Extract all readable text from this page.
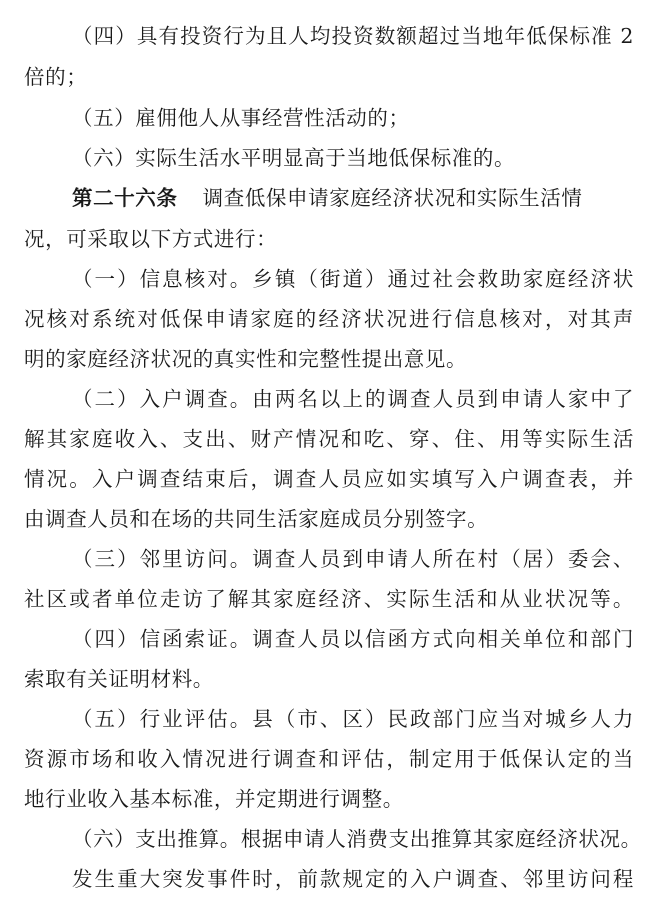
（四）具有投资行为且人均投资数额超过当地年低保标准 2
倍的；
（五）雇佣他人从事经营性活动的；
（六）实际生活水平明显高于当地低保标准的。
第二十六条 调查低保申请家庭经济状况和实际生活情
况，可采取以下方式进行：
（一）信息核对。乡镇（街道）通过社会救助家庭经济状
况核对系统对低保申请家庭的经济状况进行信息核对，对其声
明的家庭经济状况的真实性和完整性提出意见。
（二）入户调查。由两名以上的调查人员到申请人家中了
解其家庭收入、支出、财产情况和吃、穿、住、用等实际生活
情况。入户调查结束后，调查人员应如实填写入户调查表，并
由调查人员和在场的共同生活家庭成员分别签字。
（三）邻里访问。调查人员到申请人所在村（居）委会、
社区或者单位走访了解其家庭经济、实际生活和从业状况等。
（四）信函索证。调查人员以信函方式向相关单位和部门
索取有关证明材料。
（五）行业评估。县（市、区）民政部门应当对城乡人力
资源市场和收入情况进行调查和评估，制定用于低保认定的当
地行业收入基本标准，并定期进行调整。
（六）支出推算。根据申请人消费支出推算其家庭经济状况。
发生重大突发事件时，前款规定的入户调查、邻里访问程
